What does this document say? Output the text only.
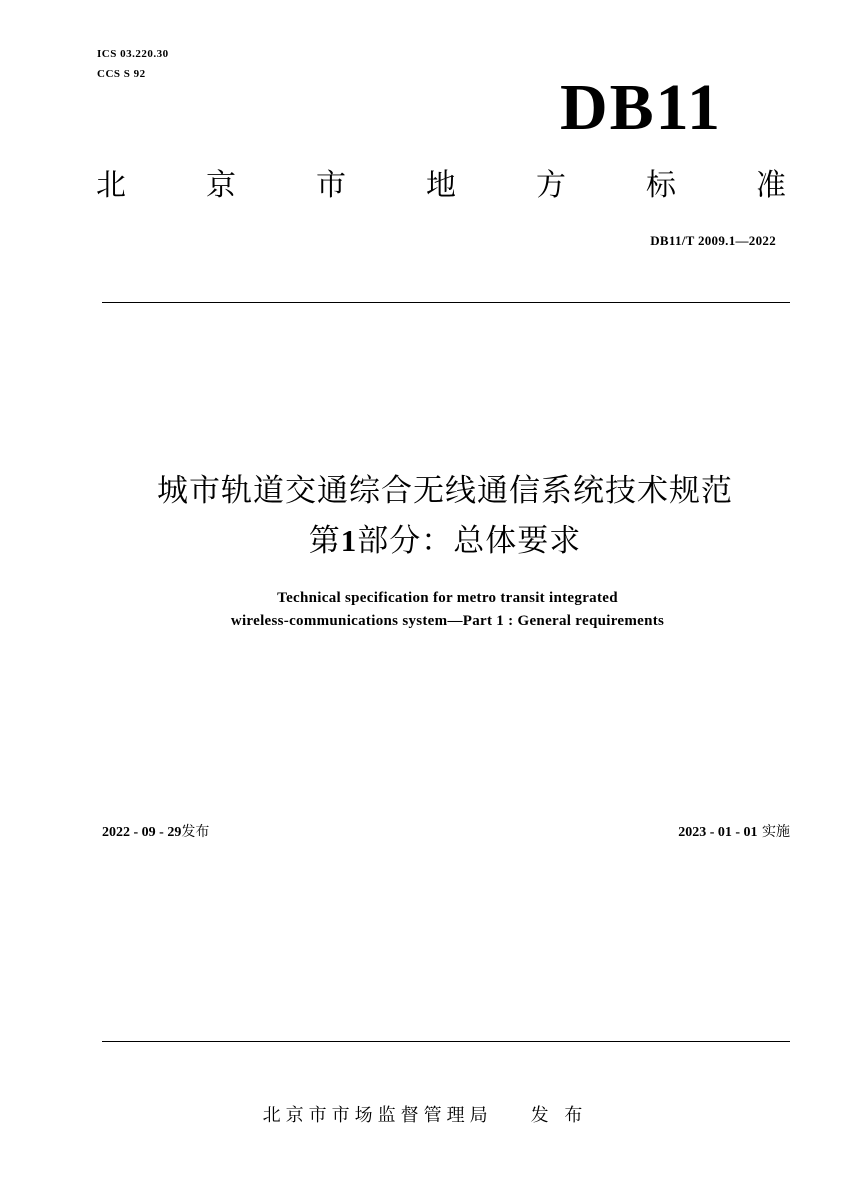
ICS 03.220.30
CCS S 92	DB11
北	京	市	地	方	标	准
DB11/T 2009.1—2022
城市轨道交通综合无线通信系统技术规范
第1部分：总体要求
Technical specification for metro transit integrated
wireless-communications system—Part 1 : General requirements
2022 - 09 - 29发布	2023 - 01 - 01 实施
北京市市场监督管理局 发 布
